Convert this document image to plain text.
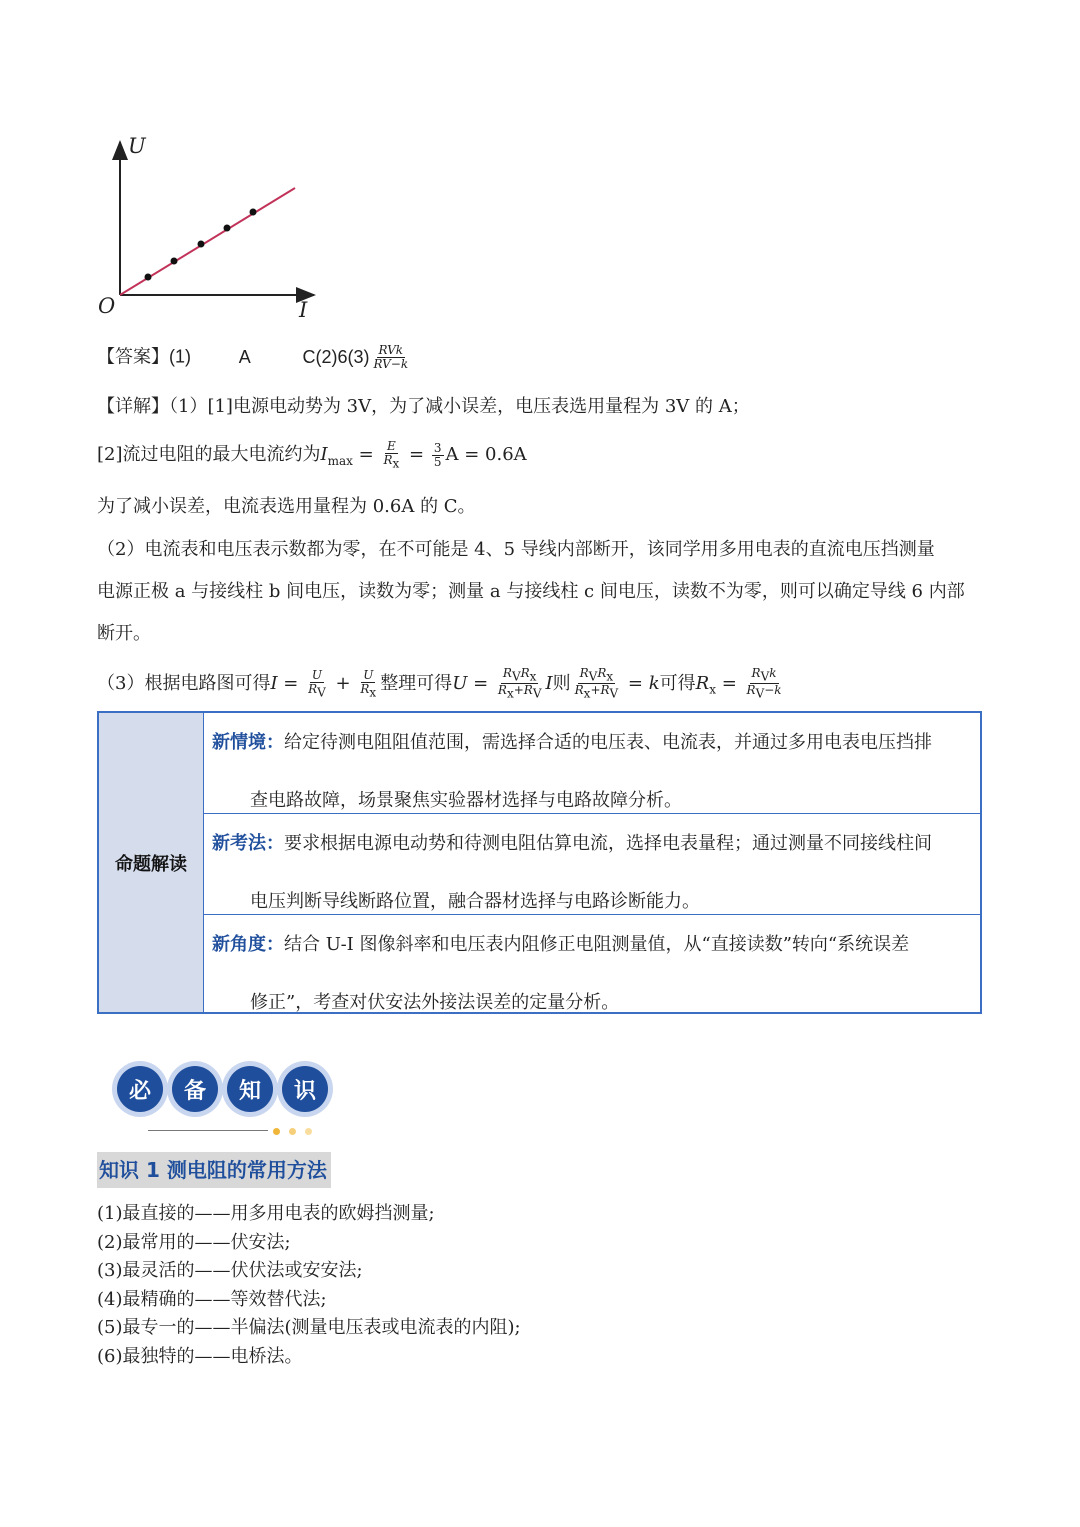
U
O	I
【答案】(1)	A	$C(2)6(3) \frac{\text{RVk}}{RV-k}$
【详解】（1）[1]电源电动势为 3V，为了减小误差，电压表选用量程为 3V 的 A；
[2]流过电阻的最大电流约为$I_{max} = \frac{E}{R_x} = \frac{3}{5}$ A = 0.6A
为了减小误差，电流表选用量程为 0.6A 的 C。
（2）电流表和电压表示数都为零，在不可能是 4、5 导线内部断开，该同学用多用电表的直流电压挡测量
电源正极 a 与接线柱 b 间电压，读数为零；测量 a 与接线柱 c 间电压，读数不为零，则可以确定导线 6 内部
断开。
（3）根据电路图可得$I = \frac{U}{R_V} + \frac{U}{R_x}$ 整理可得$U = \frac{R_VR_x}{R_x+R_V}$ I则 $\frac{R_VR_x}{R_x+R_V} = k$可得$R_x = \frac{R_Vk}{R_V-k}$
命题解读
新情境：给定待测电阻阻值范围，需选择合适的电压表、电流表，并通过多用电表电压挡排
查电路故障，场景聚焦实验器材选择与电路故障分析。
新考法：要求根据电源电动势和待测电阻估算电流，选择电表量程；通过测量不同接线柱间
电压判断导线断路位置，融合器材选择与电路诊断能力。
新角度：结合 U-I 图像斜率和电压表内阻修正电阻测量值，从“直接读数”转向“系统误差
修正”，考查对伏安法外接法误差的定量分析。
必	备	知	识
知识 1 测电阻的常用方法
(1)最直接的——用多用电表的欧姆挡测量;
(2)最常用的——伏安法;
(3)最灵活的——伏伏法或安安法;
(4)最精确的——等效替代法;
(5)最专一的——半偏法(测量电压表或电流表的内阻);
(6)最独特的——电桥法。
